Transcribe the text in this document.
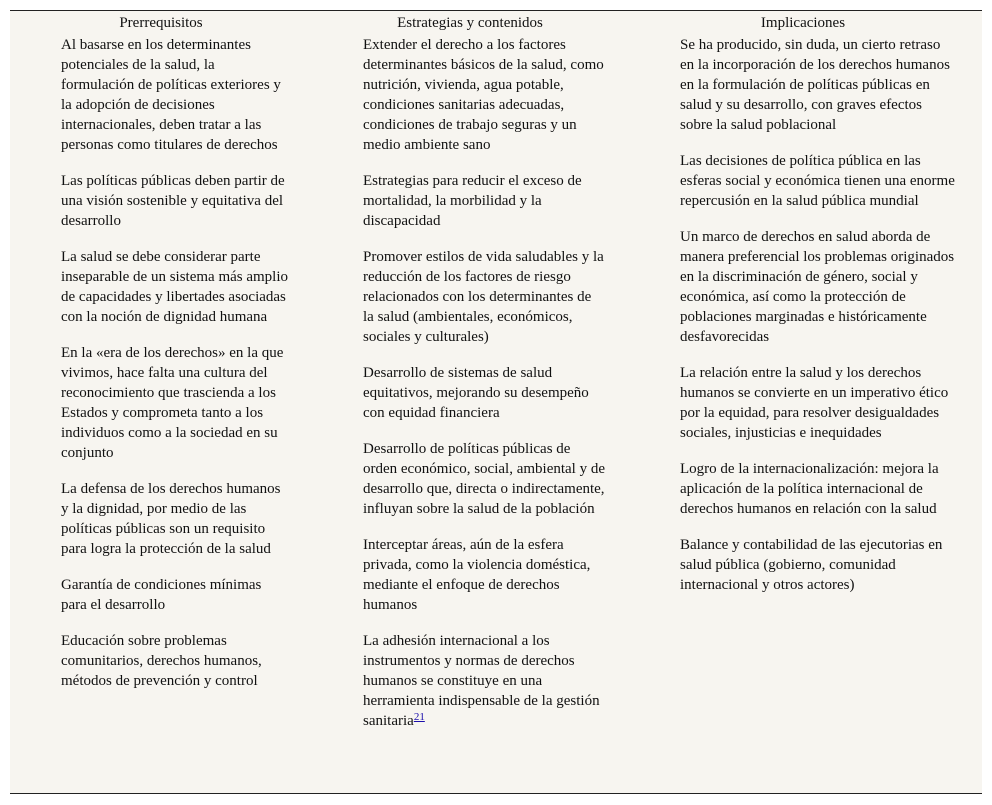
Prerrequisitos

Al basarse en los determinantes potenciales de la salud, la formulación de políticas exteriores y la adopción de decisiones internacionales, deben tratar a las personas como titulares de derechos

Las políticas públicas deben partir de una visión sostenible y equitativa del desarrollo

La salud se debe considerar parte inseparable de un sistema más amplio de capacidades y libertades asociadas con la noción de dignidad humana

En la «era de los derechos» en la que vivimos, hace falta una cultura del reconocimiento que trascienda a los Estados y comprometa tanto a los individuos como a la sociedad en su conjunto

La defensa de los derechos humanos y la dignidad, por medio de las políticas públicas son un requisito para logra la protección de la salud

Garantía de condiciones mínimas para el desarrollo

Educación sobre problemas comunitarios, derechos humanos, métodos de prevención y control

Estrategias y contenidos

Extender el derecho a los factores determinantes básicos de la salud, como nutrición, vivienda, agua potable, condiciones sanitarias adecuadas, condiciones de trabajo seguras y un medio ambiente sano

Estrategias para reducir el exceso de mortalidad, la morbilidad y la discapacidad

Promover estilos de vida saludables y la reducción de los factores de riesgo relacionados con los determinantes de la salud (ambientales, económicos, sociales y culturales)

Desarrollo de sistemas de salud equitativos, mejorando su desempeño con equidad financiera

Desarrollo de políticas públicas de orden económico, social, ambiental y de desarrollo que, directa o indirectamente, influyan sobre la salud de la población

Interceptar áreas, aún de la esfera privada, como la violencia doméstica, mediante el enfoque de derechos humanos

La adhesión internacional a los instrumentos y normas de derechos humanos se constituye en una herramienta indispensable de la gestión sanitaria$^{21}$

Implicaciones

Se ha producido, sin duda, un cierto retraso en la incorporación de los derechos humanos en la formulación de políticas públicas en salud y su desarrollo, con graves efectos sobre la salud poblacional

Las decisiones de política pública en las esferas social y económica tienen una enorme repercusión en la salud pública mundial

Un marco de derechos en salud aborda de manera preferencial los problemas originados en la discriminación de género, social y económica, así como la protección de poblaciones marginadas e históricamente desfavorecidas

La relación entre la salud y los derechos humanos se convierte en un imperativo ético por la equidad, para resolver desigualdades sociales, injusticias e inequidades

Logro de la internacionalización: mejora la aplicación de la política internacional de derechos humanos en relación con la salud

Balance y contabilidad de las ejecutorias en salud pública (gobierno, comunidad internacional y otros actores)
